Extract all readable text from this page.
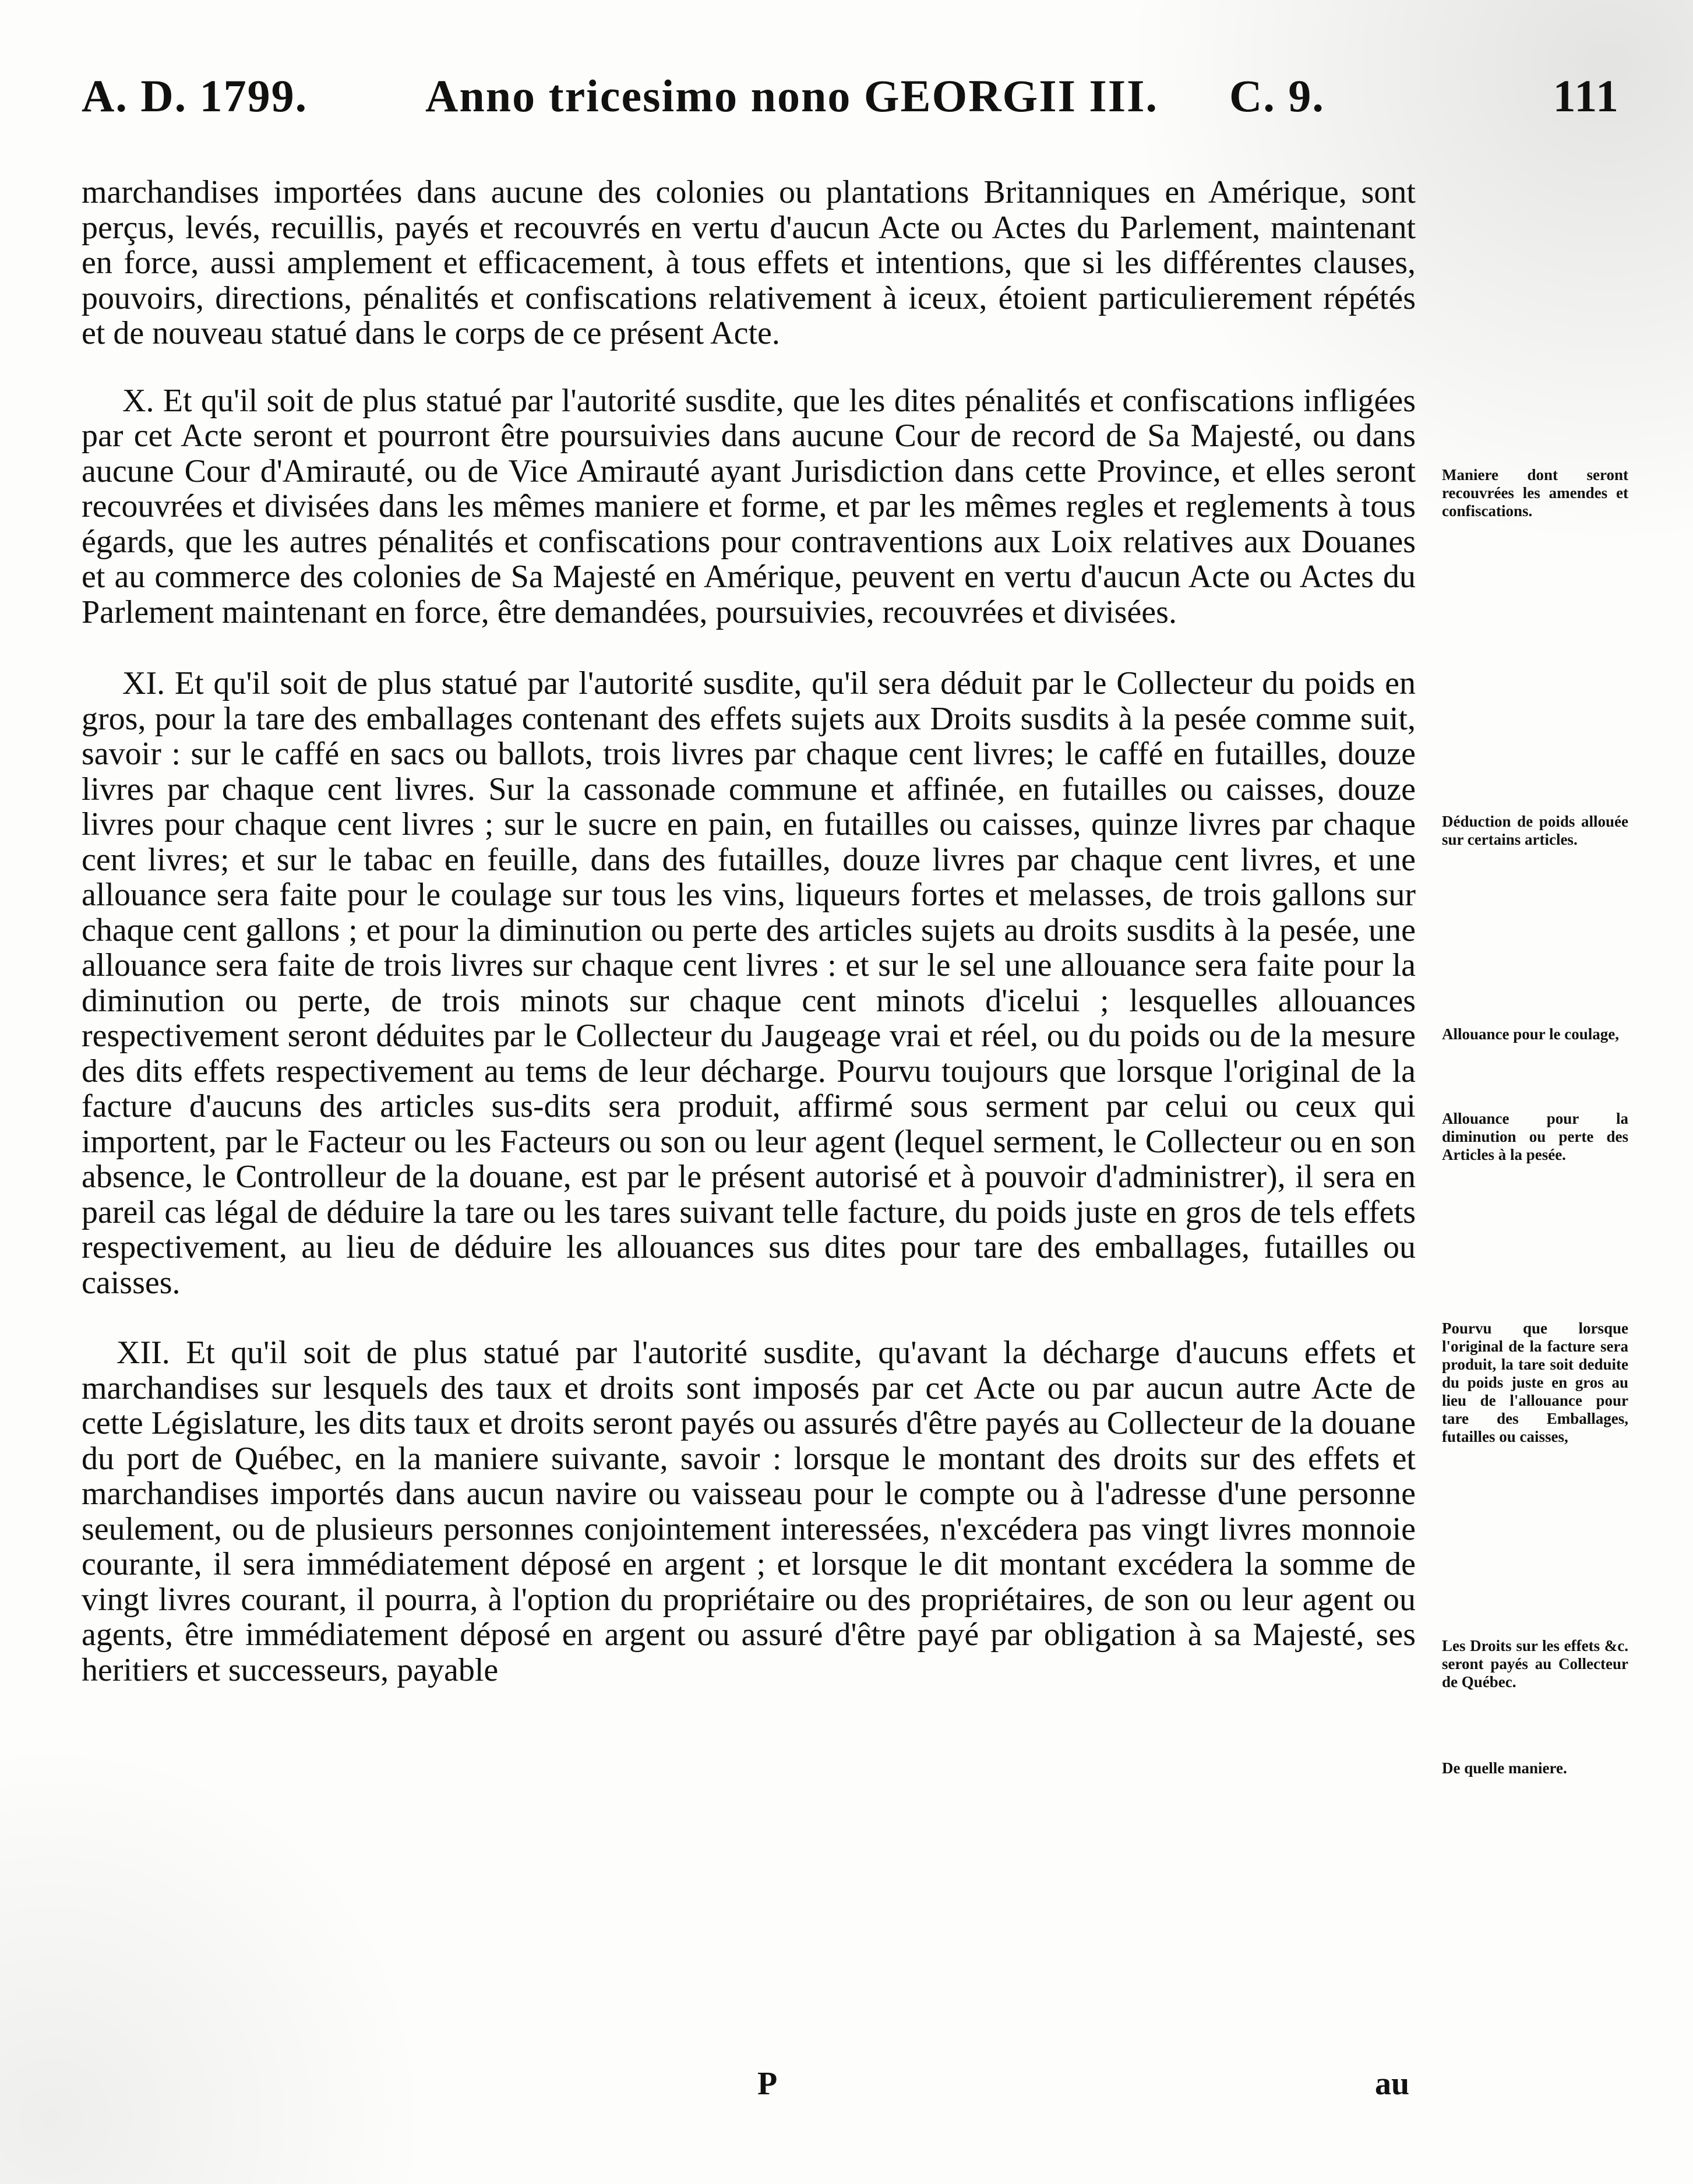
A. D. 1799.	Anno tricesimo nono GEORGII III. C. 9.	111

marchandises importées dans aucune des colonies ou plantations Britanniques en Amérique, sont perçus, levés, recuillis, payés et recouvrés en vertu d'aucun Acte ou Actes du Parlement, maintenant en force, aussi amplement et efficacement, à tous effets et intentions, que si les différentes clauses, pouvoirs, directions, pénalités et confiscations relativement à iceux, étoient particulierement répétés et de nouveau statué dans le corps de ce présent Acte.

X. Et qu'il soit de plus statué par l'autorité susdite, que les dites pénalités et confiscations infligées par cet Acte seront et pourront être poursuivies dans aucune Cour de record de Sa Majesté, ou dans aucune Cour d'Amirauté, ou de Vice Amirauté ayant Jurisdiction dans cette Province, et elles seront recouvrées et divisées dans les mêmes maniere et forme, et par les mêmes regles et reglements à tous égards, que les autres pénalités et confiscations pour contraventions aux Loix relatives aux Douanes et au commerce des colonies de Sa Majesté en Amérique, peuvent en vertu d'aucun Acte ou Actes du Parlement maintenant en force, être demandées, poursuivies, recouvrées et divisées.

XI. Et qu'il soit de plus statué par l'autorité susdite, qu'il sera déduit par le Collecteur du poids en gros, pour la tare des emballages contenant des effets sujets aux Droits susdits à la pesée comme suit, savoir : sur le caffé en sacs ou ballots, trois livres par chaque cent livres; le caffé en futailles, douze livres par chaque cent livres. Sur la cassonade commune et affinée, en futailles ou caisses, douze livres pour chaque cent livres ; sur le sucre en pain, en futailles ou caisses, quinze livres par chaque cent livres; et sur le tabac en feuille, dans des futailles, douze livres par chaque cent livres, et une allouance sera faite pour le coulage sur tous les vins, liqueurs fortes et melasses, de trois gallons sur chaque cent gallons ; et pour la diminution ou perte des articles sujets au droits susdits à la pesée, une allouance sera faite de trois livres sur chaque cent livres : et sur le sel une allouance sera faite pour la diminution ou perte, de trois minots sur chaque cent minots d'icelui ; lesquelles allouances respectivement seront déduites par le Collecteur du Jaugeage vrai et réel, ou du poids ou de la mesure des dits effets respectivement au tems de leur décharge. Pourvu toujours que lorsque l'original de la facture d'aucuns des articles sus-dits sera produit, affirmé sous serment par celui ou ceux qui importent, par le Facteur ou les Facteurs ou son ou leur agent (lequel serment, le Collecteur ou en son absence, le Controlleur de la douane, est par le présent autorisé et à pouvoir d'administrer), il sera en pareil cas légal de déduire la tare ou les tares suivant telle facture, du poids juste en gros de tels effets respectivement, au lieu de déduire les allouances sus dites pour tare des emballages, futailles ou caisses.

XII. Et qu'il soit de plus statué par l'autorité susdite, qu'avant la décharge d'aucuns effets et marchandises sur lesquels des taux et droits sont imposés par cet Acte ou par aucun autre Acte de cette Législature, les dits taux et droits seront payés ou assurés d'être payés au Collecteur de la douane du port de Québec, en la maniere suivante, savoir : lorsque le montant des droits sur des effets et marchandises importés dans aucun navire ou vaisseau pour le compte ou à l'adresse d'une personne seulement, ou de plusieurs personnes conjointement interessées, n'excédera pas vingt livres monnoie courante, il sera immédiatement déposé en argent ; et lorsque le dit montant excédera la somme de vingt livres courant, il pourra, à l'option du propriétaire ou des propriétaires, de son ou leur agent ou agents, être immédiatement déposé en argent ou assuré d'être payé par obligation à sa Majesté, ses heritiers et successeurs, payable

Maniere dont seront recouvrées les amendes et confiscations.
Déduction de poids allouée sur certains articles.
Allouance pour le coulage,
Allouance pour la diminution ou perte des Articles à la pesée.
Pourvu que lorsque l'original de la facture sera produit, la tare soit deduite du poids juste en gros au lieu de l'allouance pour tare des Emballages, futailles ou caisses,
Les Droits sur les effets &c. seront payés au Collecteur de Québec.
De quelle maniere.
P	au
